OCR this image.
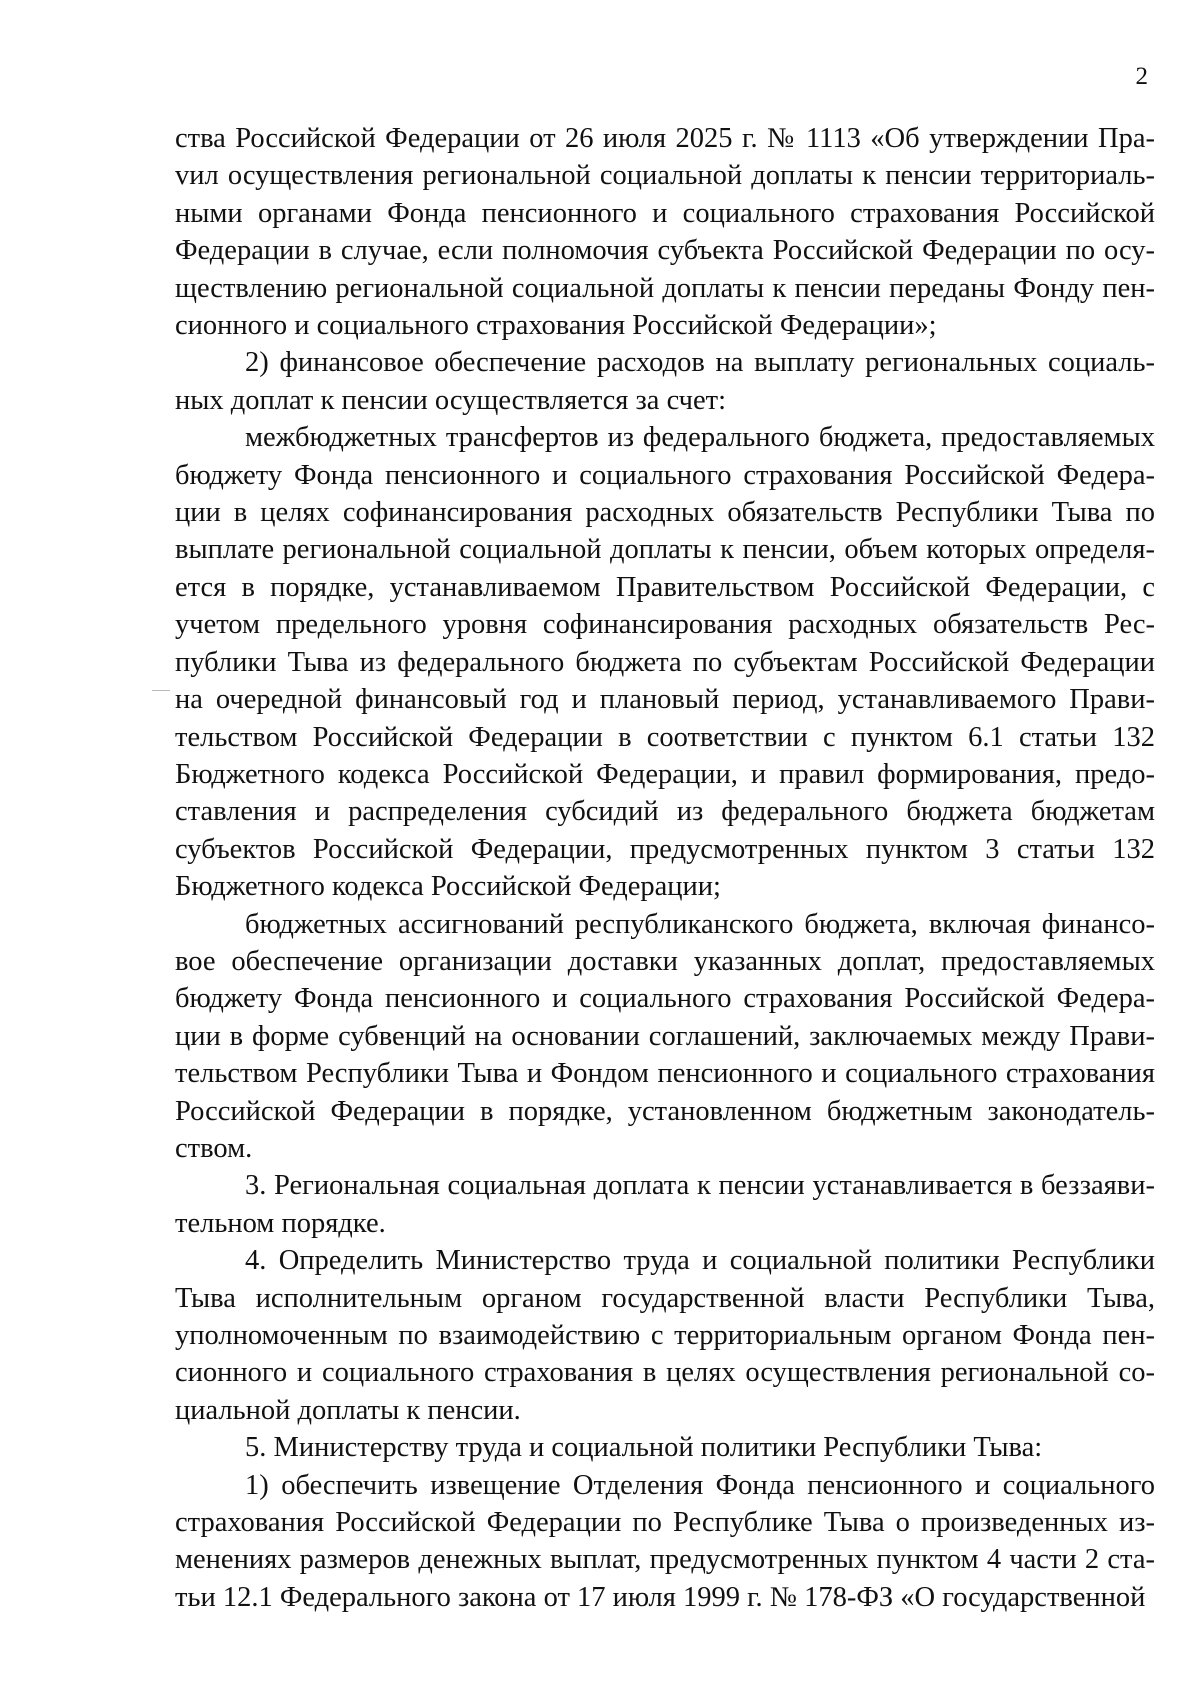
2

ства Российской Федерации от 26 июля 2025 г. № 1113 «Об утверждении Праvил осуществления региональной социальной доплаты к пенсии территориальными органами Фонда пенсионного и социального страхования Российской Федерации в случае, если полномочия субъекта Российской Федерации по осуществлению региональной социальной доплаты к пенсии переданы Фонду пенсионного и социального страхования Российской Федерации»;

2) финансовое обеспечение расходов на выплату региональных социальных доплат к пенсии осуществляется за счет:

межбюджетных трансфертов из федерального бюджета, предоставляемых бюджету Фонда пенсионного и социального страхования Российской Федерации в целях софинансирования расходных обязательств Республики Тыва по выплате региональной социальной доплаты к пенсии, объем которых определяется в порядке, устанавливаемом Правительством Российской Федерации, с учетом предельного уровня софинансирования расходных обязательств Республики Тыва из федерального бюджета по субъектам Российской Федерации на очередной финансовый год и плановый период, устанавливаемого Правительством Российской Федерации в соответствии с пунктом 6.1 статьи 132 Бюджетного кодекса Российской Федерации, и правил формирования, предоставления и распределения субсидий из федерального бюджета бюджетам субъектов Российской Федерации, предусмотренных пунктом 3 статьи 132 Бюджетного кодекса Российской Федерации;

бюджетных ассигнований республиканского бюджета, включая финансовое обеспечение организации доставки указанных доплат, предоставляемых бюджету Фонда пенсионного и социального страхования Российской Федерации в форме субвенций на основании соглашений, заключаемых между Правительством Республики Тыва и Фондом пенсионного и социального страхования Российской Федерации в порядке, установленном бюджетным законодательством.

3. Региональная социальная доплата к пенсии устанавливается в беззаявительном порядке.

4. Определить Министерство труда и социальной политики Республики Тыва исполнительным органом государственной власти Республики Тыва, уполномоченным по взаимодействию с территориальным органом Фонда пенсионного и социального страхования в целях осуществления региональной социальной доплаты к пенсии.

5. Министерству труда и социальной политики Республики Тыва:

1) обеспечить извещение Отделения Фонда пенсионного и социального страхования Российской Федерации по Республике Тыва о произведенных изменениях размеров денежных выплат, предусмотренных пунктом 4 части 2 статьи 12.1 Федерального закона от 17 июля 1999 г. № 178-ФЗ «О государственной
